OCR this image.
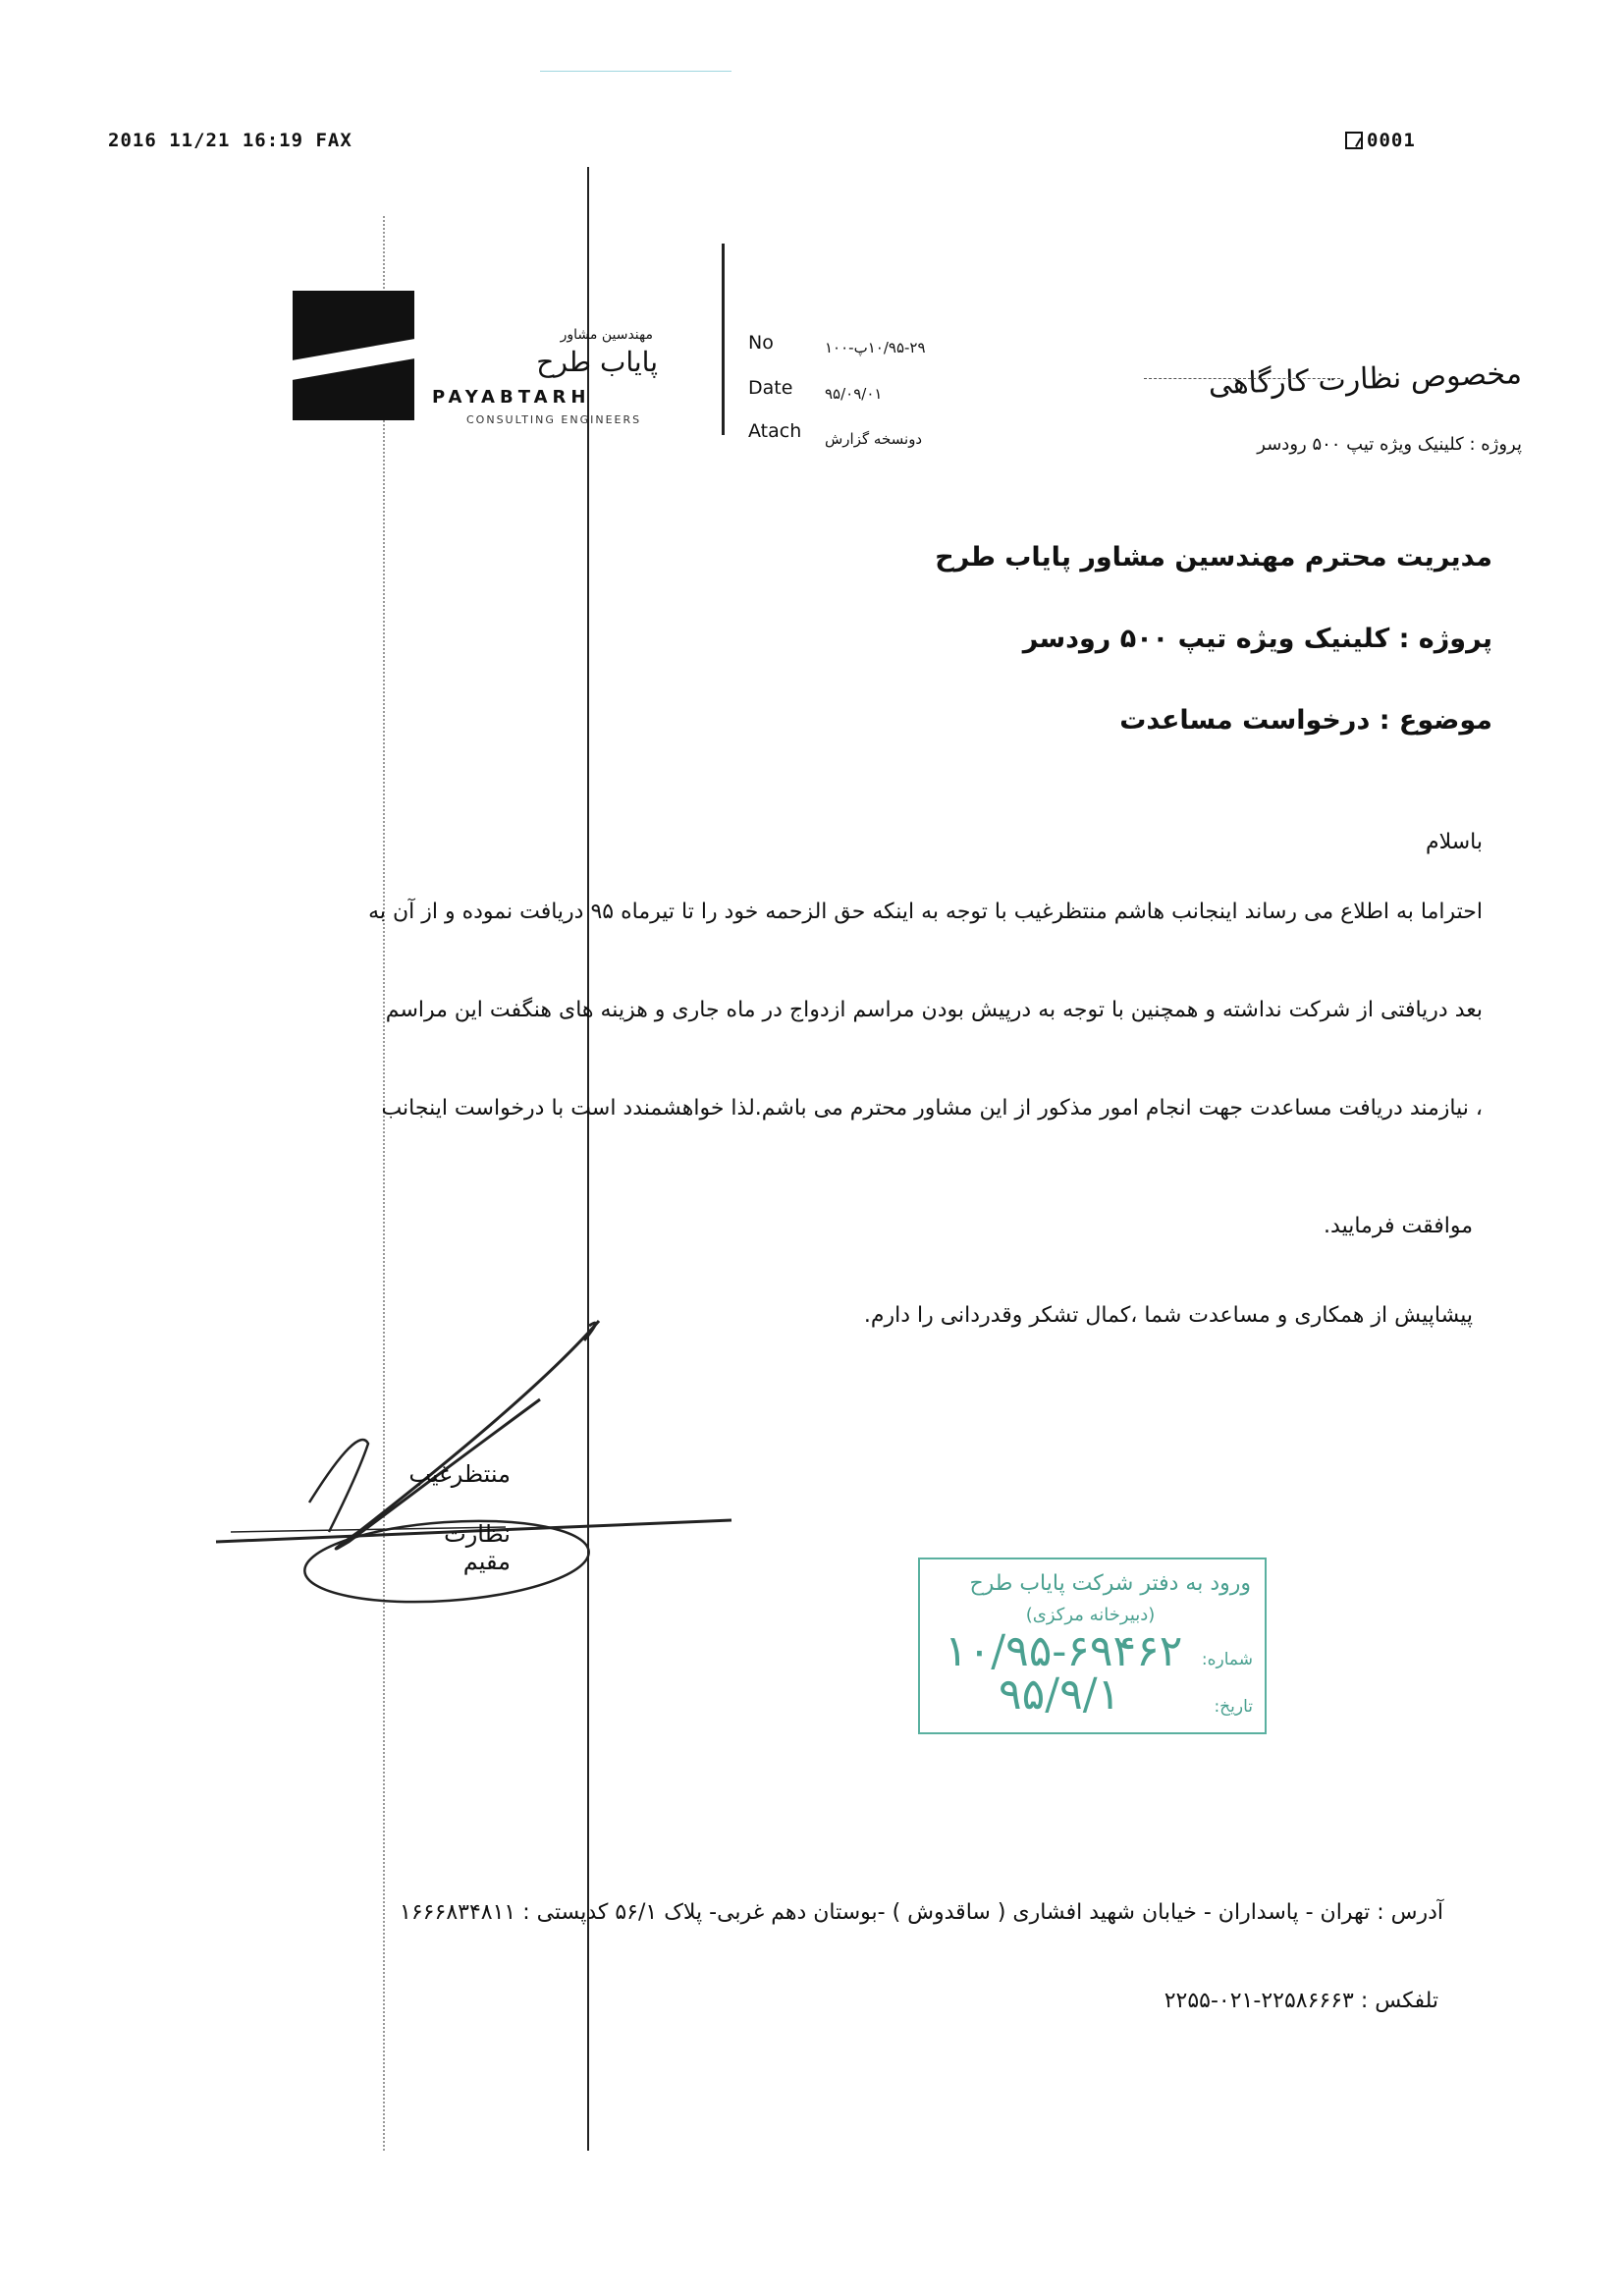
2016 11/21 16:19 FAX	0001
مهندسین مشاور
پایاب طرح
PAYABTARH
CONSULTING ENGINEERS
No	۱۰/۹۵-۲۹پ-۱۰۰
Date ۹۵/۰۹/۰۱
Atach دونسخه گزارش
مخصوص نظارت کارگاهی
پروژه : کلینیک ویژه تیپ ۵۰۰ رودسر
مدیریت محترم مهندسین مشاور پایاب طرح
پروژه : کلینیک ویژه تیپ ۵۰۰ رودسر
موضوع : درخواست مساعدت
باسلام
احتراما به اطلاع می رساند اینجانب هاشم منتظرغیب با توجه به اینکه حق الزحمه خود را تا تیرماه ۹۵ دریافت نموده و از آن به
بعد دریافتی از شرکت نداشته و همچنین با توجه به درپیش بودن مراسم ازدواج در ماه جاری و هزینه های هنگفت این مراسم
، نیازمند دریافت مساعدت جهت انجام امور مذکور از این مشاور محترم می باشم.لذا خواهشمندد است با درخواست اینجانب
موافقت فرمایید.
پیشاپیش از همکاری و مساعدت شما ،کمال تشکر وقدردانی را دارم.
منتظرغیب
نظارت مقیم
ورود به دفتر شرکت پایاب طرح
(دبیرخانه مرکزی)
شماره:
۱۰/۹۵-۶۹۴۶۲
تاریخ:
۹۵/۹/۱
آدرس : تهران - پاسداران - خیابان شهید افشاری ( ساقدوش ) -بوستان دهم غربی- پلاک ۵۶/۱ کدپستی : ۱۶۶۶۸۳۴۸۱۱
تلفکس : ۲۲۵۸۶۶۶۳-۰۲۱-۲۲۵۵
